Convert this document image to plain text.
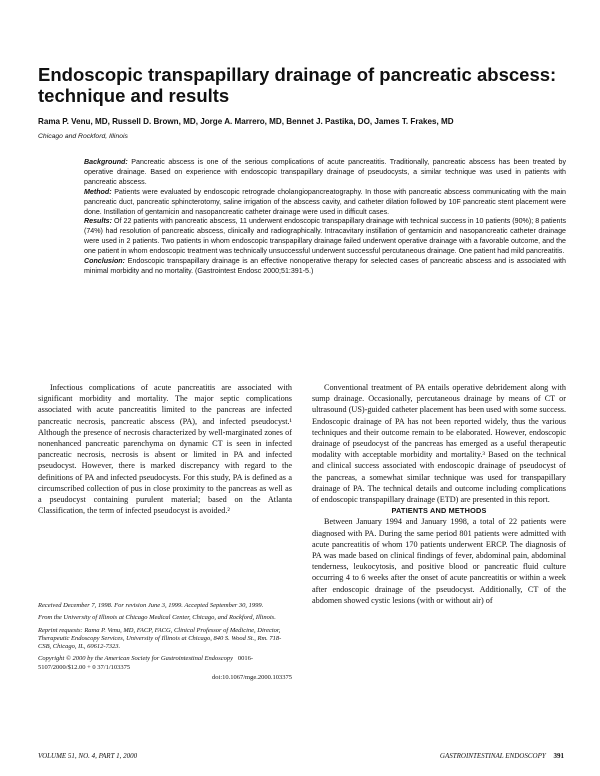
Endoscopic transpapillary drainage of pancreatic abscess: technique and results
Rama P. Venu, MD, Russell D. Brown, MD, Jorge A. Marrero, MD, Bennet J. Pastika, DO, James T. Frakes, MD
Chicago and Rockford, Illinois

Background: Pancreatic abscess is one of the serious complications of acute pancreatitis. Traditionally, pancreatic abscess has been treated by operative drainage. Based on experience with endoscopic transpapillary drainage of pseudocysts, a similar technique was used in patients with pancreatic abscess.

Method: Patients were evaluated by endoscopic retrograde cholangiopancreatography. In those with pancreatic abscess communicating with the main pancreatic duct, pancreatic sphincterotomy, saline irrigation of the abscess cavity, and catheter dilation followed by 10F pancreatic stent placement were done. Instillation of gentamicin and nasopancreatic catheter drainage were used in difficult cases.

Results: Of 22 patients with pancreatic abscess, 11 underwent endoscopic transpapillary drainage with technical success in 10 patients (90%); 8 patients (74%) had resolution of pancreatic abscess, clinically and radiographically. Intracavitary instillation of gentamicin and nasopancreatic catheter drainage were used in 2 patients. Two patients in whom endoscopic transpapillary drainage failed underwent operative drainage with a favorable outcome, and the one patient in whom endoscopic treatment was technically unsuccessful underwent successful percutaneous drainage. One patient had mild pancreatitis.

Conclusion: Endoscopic transpapillary drainage is an effective nonoperative therapy for selected cases of pancreatic abscess and is associated with minimal morbidity and no mortality. (Gastrointest Endosc 2000;51:391-5.)

Infectious complications of acute pancreatitis are associated with significant morbidity and mortality. The major septic complications associated with acute pancreatitis limited to the pancreas are infected pancreatic necrosis, pancreatic abscess (PA), and infected pseudocyst.¹ Although the presence of necrosis characterized by well-marginated zones of nonenhanced pancreatic parenchyma on dynamic CT is seen in infected pancreatic necrosis, necrosis is absent or limited in PA and infected pseudocyst. However, there is marked discrepancy with regard to the definitions of PA and infected pseudocysts. For this study, PA is defined as a circumscribed collection of pus in close proximity to the pancreas as well as a pseudocyst containing purulent material; based on the Atlanta Classification, the term of infected pseudocyst is avoided.²

Received December 7, 1998. For revision June 3, 1999. Accepted September 30, 1999.

From the University of Illinois at Chicago Medical Center, Chicago, and Rockford, Illinois.

Reprint requests: Rama P. Venu, MD, FACP, FACG, Clinical Professor of Medicine, Director, Therapeutic Endoscopy Services, University of Illinois at Chicago, 840 S. Wood St., Rm. 718-CSB, Chicago, IL, 60612-7323.

Copyright © 2000 by the American Society for Gastrointestinal Endoscopy 0016-5107/2000/$12.00 + 0 37/1/103375

doi:10.1067/mge.2000.103375

Conventional treatment of PA entails operative debridement along with sump drainage. Occasionally, percutaneous drainage by means of CT or ultrasound (US)-guided catheter placement has been used with some success. Endoscopic drainage of PA has not been reported widely, thus the various techniques and their outcome remain to be elaborated. However, endoscopic drainage of pseudocyst of the pancreas has emerged as a useful therapeutic modality with acceptable morbidity and mortality.³ Based on the technical and clinical success associated with endoscopic drainage of pseudocyst of the pancreas, a somewhat similar technique was used for transpapillary drainage of PA. The technical details and outcome including complications of endoscopic transpapillary drainage (ETD) are presented in this report.

PATIENTS AND METHODS

Between January 1994 and January 1998, a total of 22 patients were diagnosed with PA. During the same period 801 patients were admitted with acute pancreatitis of whom 170 patients underwent ERCP. The diagnosis of PA was made based on clinical findings of fever, abdominal pain, abdominal tenderness, leukocytosis, and positive blood or pancreatic fluid culture occurring 4 to 6 weeks after the onset of acute pancreatitis or within a week after endoscopic drainage of the pseudocyst. Additionally, CT of the abdomen showed cystic lesions (with or without air) of

VOLUME 51, NO. 4, PART 1, 2000	GASTROINTESTINAL ENDOSCOPY 391
